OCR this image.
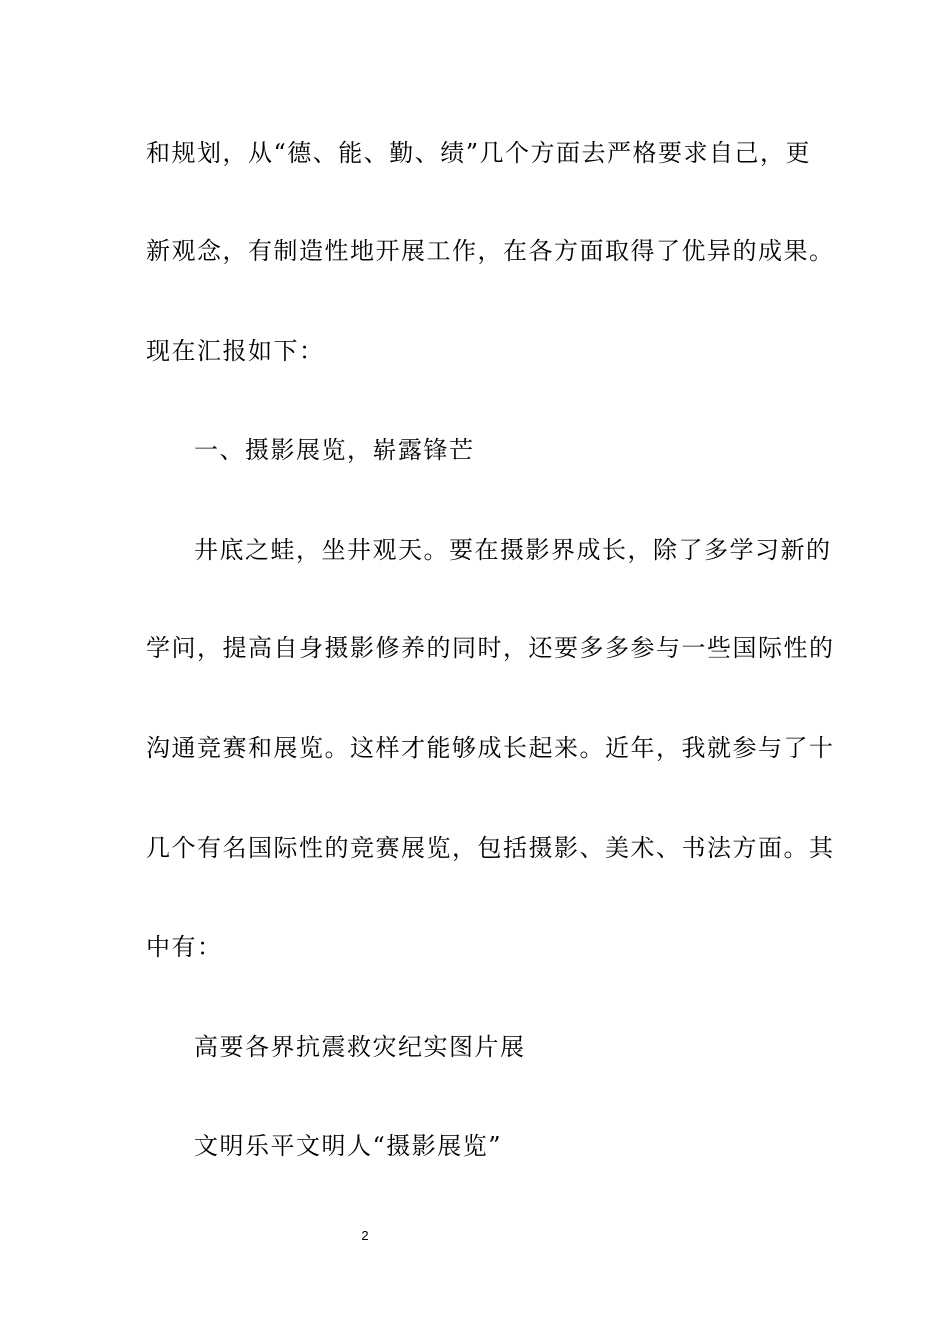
和规划，从“德、能、勤、绩”几个方面去严格要求自己，更
新观念，有制造性地开展工作，在各方面取得了优异的成果。
现在汇报如下：
一、摄影展览，崭露锋芒
井底之蛙，坐井观天。要在摄影界成长，除了多学习新的
学问，提高自身摄影修养的同时，还要多多参与一些国际性的
沟通竞赛和展览。这样才能够成长起来。近年，我就参与了十
几个有名国际性的竞赛展览，包括摄影、美术、书法方面。其
中有：
高要各界抗震救灾纪实图片展
文明乐平文明人“摄影展览”
2
